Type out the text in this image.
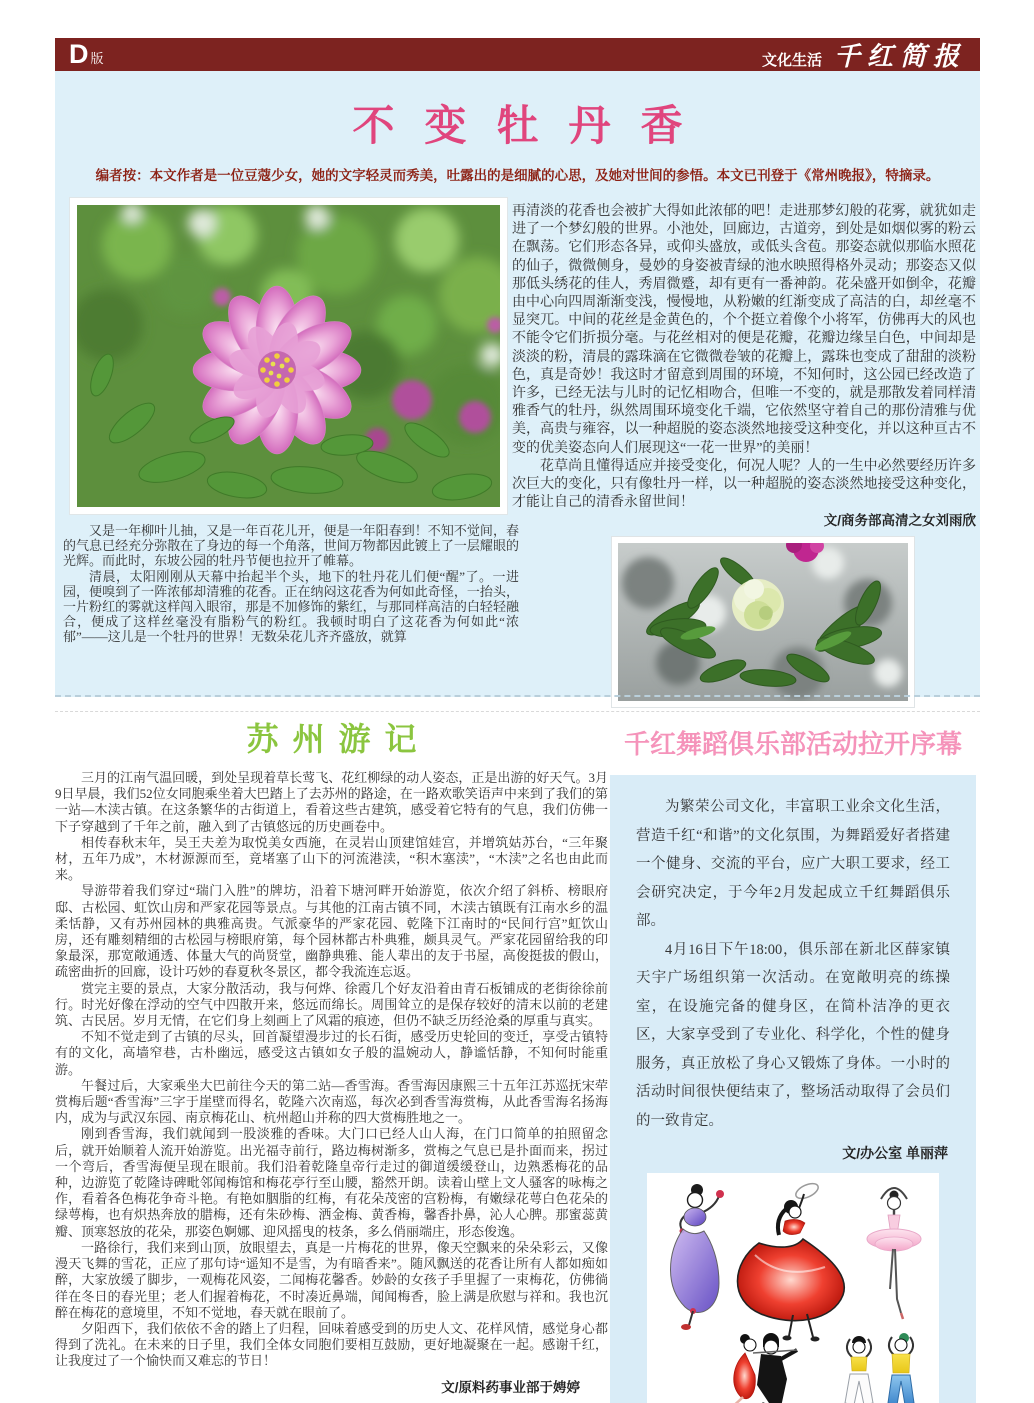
D 版	文化生活 千红简报
不变牡丹香

编者按：本文作者是一位豆蔻少女，她的文字轻灵而秀美，吐露出的是细腻的心思，及她对世间的参悟。本文已刊登于《常州晚报》，特摘录。

又是一年柳叶儿抽，又是一年百花儿开，便是一年阳春到！不知不觉间，春的气息已经充分弥散在了身边的每一个角落，世间万物都因此镀上了一层耀眼的光辉。而此时，东坡公园的牡丹节便也拉开了帷幕。

清晨，太阳刚刚从天幕中抬起半个头，地下的牡丹花儿们便“醒”了。一进园，便嗅到了一阵浓郁却清雅的花香。正在纳闷这花香为何如此奇怪，一抬头，一片粉红的雾就这样闯入眼帘，那是不加修饰的紫红，与那同样高洁的白轻轻融合，便成了这样丝毫没有脂粉气的粉红。我顿时明白了这花香为何如此“浓郁”——这儿是一个牡丹的世界！无数朵花儿齐齐盛放，就算

再清淡的花香也会被扩大得如此浓郁的吧！走进那梦幻般的花雾，就犹如走进了一个梦幻般的世界。小池处，回廊边，古道旁，到处是如烟似雾的粉云在飘荡。它们形态各异，或仰头盛放，或低头含苞。那姿态就似那临水照花的仙子，微微侧身，曼妙的身姿被青绿的池水映照得格外灵动；那姿态又似那低头绣花的佳人，秀眉微蹙，却有更有一番神韵。花朵盛开如倒伞，花瓣由中心向四周渐渐变浅，慢慢地，从粉嫩的红渐变成了高洁的白，却丝毫不显突兀。中间的花丝是金黄色的，个个挺立着像个小将军，仿佛再大的风也不能令它们折损分毫。与花丝相对的便是花瓣，花瓣边缘呈白色，中间却是淡淡的粉，清晨的露珠滴在它微微卷皱的花瓣上，露珠也变成了甜甜的淡粉色，真是奇妙！我这时才留意到周围的环境，不知何时，这公园已经改造了许多，已经无法与儿时的记忆相吻合，但唯一不变的，就是那散发着同样清雅香气的牡丹，纵然周围环境变化千端，它依然坚守着自己的那份清雅与优美，高贵与雍容，以一种超脱的姿态淡然地接受这种变化，并以这种亘古不变的优美姿态向人们展现这“一花一世界”的美丽！

花草尚且懂得适应并接受变化，何况人呢？人的一生中必然要经历许多次巨大的变化，只有像牡丹一样，以一种超脱的姿态淡然地接受这种变化，才能让自己的清香永留世间！

文/商务部高清之女刘雨欣

苏州游记

三月的江南气温回暖，到处呈现着草长莺飞、花红柳绿的动人姿态，正是出游的好天气。3月9日早晨，我们52位女同胞乘坐着大巴踏上了去苏州的路途，在一路欢歌笑语声中来到了我们的第一站—木渎古镇。在这条繁华的古街道上，看着这些古建筑，感受着它特有的气息，我们仿佛一下子穿越到了千年之前，融入到了古镇悠远的历史画卷中。

相传春秋末年，吴王夫差为取悦美女西施，在灵岩山顶建馆娃宫，并增筑姑苏台，“三年聚材，五年乃成”，木材源源而至，竟堵塞了山下的河流港渎，“积木塞渎”，“木渎”之名也由此而来。

导游带着我们穿过“瑞门入胜”的牌坊，沿着下塘河畔开始游览，依次介绍了斜桥、榜眼府邸、古松园、虹饮山房和严家花园等景点。与其他的江南古镇不同，木渎古镇既有江南水乡的温柔恬静，又有苏州园林的典雅高贵。气派豪华的严家花园、乾隆下江南时的“民间行宫”虹饮山房，还有雕刻精细的古松园与榜眼府第，每个园林都古朴典雅，颇具灵气。严家花园留给我的印象最深，那宽敞通透、体量大气的尚贤堂，幽静典雅、能人辈出的友于书屋，高俊挺拔的假山，疏密曲折的回廊，设计巧妙的春夏秋冬景区，都令我流连忘返。

赏完主要的景点，大家分散活动，我与何烨、徐霞几个好友沿着由青石板铺成的老街徐徐前行。时光好像在浮动的空气中四散开来，悠远而绵长。周围耸立的是保存较好的清末以前的老建筑、古民居。岁月无情，在它们身上刻画上了风霜的痕迹，但仍不缺乏历经沧桑的厚重与真实。

不知不觉走到了古镇的尽头，回首凝望漫步过的长石街，感受历史轮回的变迁，享受古镇特有的文化，高墙窄巷，古朴幽远，感受这古镇如女子般的温婉动人，静谧恬静，不知何时能重游。

午餐过后，大家乘坐大巴前往今天的第二站—香雪海。香雪海因康熙三十五年江苏巡抚宋荦赏梅后题“香雪海”三字于崖壁而得名，乾隆六次南巡，每次必到香雪海赏梅，从此香雪海名扬海内，成为与武汉东园、南京梅花山、杭州超山并称的四大赏梅胜地之一。

刚到香雪海，我们就闻到一股淡雅的香味。大门口已经人山人海，在门口简单的拍照留念后，就开始顺着人流开始游览。出光福寺前行，路边梅树渐多，赏梅之气息已是扑面而来，拐过一个弯后，香雪海便呈现在眼前。我们沿着乾隆皇帝行走过的御道缓缓登山，边熟悉梅花的品种，边游览了乾隆诗碑毗邻闻梅馆和梅花亭行至山腰，豁然开朗。读着山壁上文人骚客的咏梅之作，看着各色梅花争奇斗艳。有艳如胭脂的红梅，有花朵茂密的宫粉梅，有嫩绿花萼白色花朵的绿萼梅，也有炽热奔放的腊梅，还有朱砂梅、洒金梅、黄香梅，馨香扑鼻，沁人心脾。那蜜蕊黄瓣、顶寒怒放的花朵，那姿色婀娜、迎风摇曳的枝条，多么俏丽端庄，形态俊逸。

一路徐行，我们来到山顶，放眼望去，真是一片梅花的世界，像天空飘来的朵朵彩云，又像漫天飞舞的雪花，正应了那句诗“遥知不是雪，为有暗香来”。随风飘送的花香让所有人都如痴如醉，大家放缓了脚步，一观梅花风姿，二闻梅花馨香。妙龄的女孩子手里握了一束梅花，仿佛徜徉在冬日的春光里；老人们握着梅花，不时凑近鼻端，闻闻梅香，脸上满是欣慰与祥和。我也沉醉在梅花的意境里，不知不觉地，春天就在眼前了。

夕阳西下，我们依依不舍的踏上了归程，回味着感受到的历史人文、花样风情，感觉身心都得到了洗礼。在未来的日子里，我们全体女同胞们要相互鼓励，更好地凝聚在一起。感谢千红，让我度过了一个愉快而又难忘的节日！

文/原料药事业部于娉婷
千红舞蹈俱乐部活动拉开序幕

为繁荣公司文化，丰富职工业余文化生活，营造千红“和谐”的文化氛围，为舞蹈爱好者搭建一个健身、交流的平台，应广大职工要求，经工会研究决定，于今年2月发起成立千红舞蹈俱乐部。

4月16日下午18:00，俱乐部在新北区薛家镇天宇广场组织第一次活动。在宽敞明亮的练操室，在设施完备的健身区，在简朴洁净的更衣区，大家享受到了专业化、科学化，个性的健身服务，真正放松了身心又锻炼了身体。一小时的活动时间很快便结束了，整场活动取得了会员们的一致肯定。

文/办公室 单丽萍
